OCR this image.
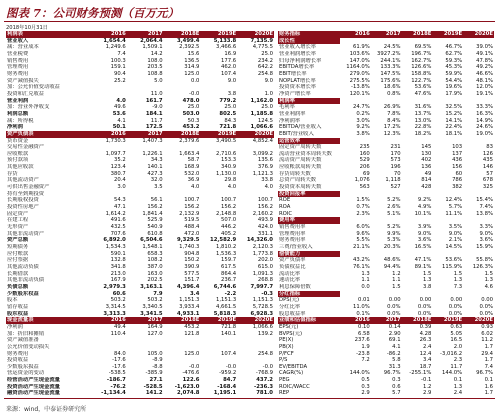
图表 7：公司财务预测（百万元）
2018年10月31日
利润表	2016	2017	2018E	2019E	2020E
营业收入	1,654.4	2,064.4	3,499.4	5,133.8	7,135.9
减：营业成本	1,249.6	1,509.1	2,392.5	3,466.6	4,775.5
营业税费	7.4	14.2	15.6	16.9	25.0
销售费用	100.3	108.0	136.5	177.6	234.2
管理费用	159.1	203.5	314.9	462.0	642.2
财务费用	90.4	108.8	125.0	107.4	254.8
资产减值损失	25.2	5.0	0.0	9.0	9.0
加：公允价值变动收益					
投资和汇兑收益		11.0	-0.0	3.8	1.0
营业利润	4.0	161.7	478.0	779.2	1,162.0
加：营业外净收支	49.6	-9.0	25.0	25.0	25.0
利润总额	53.6	184.1	503.0	802.5	1,185.8
减：所得税	4.1	11.7	50.3	84.3	124.5
净利润	50.1	172.5	453.2	721.8	1,066.6
资产负债表	2016	2017	2018E	2019E	2020E
货币资金	1,730.3	1,407.3	2,379.6	3,490.5	4,852.4
交易性金融资产					
应收账款	1,097.7	1,226.1	1,663.4	2,710.6	3,099.2
预付款项	35.2	34.3	58.7	153.3	135.6
其他应收款	123.4	140.1	168.9	340.9	376.9
存货	380.7	427.3	532.0	1,130.0	1,121.3
其他流动资产	20.4	32.0	36.9	29.8	33.8
可供出售金融资产	3.0	3.5	4.0	4.0	4.0
持有至到期投资					
长期股权投资	54.3	56.1	100.7	100.7	100.7
投资性房地产	47.1	156.2	156.2	156.2	156.2
固定资产	1,614.2	1,841.4	2,132.9	2,148.8	2,160.2
在建工程	491.6	525.9	519.5	507.0	493.9
无形资产	432.5	540.9	488.4	446.2	424.0
其他非流动资产	707.6	610.8	472.0	405.2	331.1
资产总额	6,892.0	6,504.6	9,329.5	12,582.9	14,326.0
短期债务	1,534.3	1,548.1	1,740.3	1,810.2	2,120.3
应付账款	590.1	658.3	904.8	1,536.3	1,773.8
应付票据	132.8	108.2	150.2	159.7	202.0
其他流动负债	341.8	387.0	390.9	617.5	615.0
长期借款	213.0	163.0	577.5	864.4	1,091.3
其他非流动负债	167.9	202.5	151.7	236.7	268.8
负债总额	2,979.3	3,163.1	4,396.4	6,744.6	7,997.7
少数股东权益	60.6	7.9	3.4	-2.2	-0.3
股本	503.2	503.2	1,151.3	1,151.3	1,151.3
留存收益	3,314.5	3,340.5	3,933.4	4,661.5	5,728.5
股东权益	3,313.3	3,341.5	4,933.1	5,818.3	6,928.3
现金流量表	2016	2017	2018E	2019E	2020E
净利润	49.4	164.9	453.2	721.8	1,066.6
加：折旧和摊销	110.4	127.0	121.8	140.1	139.2
资产减值准备					
公允价值变动损失					
财务费用	84.0	105.0	125.0	107.4	254.8
投资收益	-17.6	-8.9			
少数股东损益	-17.6	-8.8	-0.0	-0.0	-0.0
营运资金的变动	-538.5	-385.9	-476.6	-959.2	-768.9
经营活动产生现金流量	-186.7	27.1	122.6	84.7	437.2
投资活动产生现金流量	-76.2	-528.5	-1,623.0	-168.4	-236.3
融资活动产生现金流量	-1,134.4	141.2	2,074.8	1,195.1	781.0
财务指标	2016	2017	2018E	2019E	2020E
成长性					
营业收入增长率	61.9%	24.5%	69.5%	46.7%	39.0%
营业利润增长率	103.6%	3927.2%	196.7%	62.7%	49.1%
归母净利润增长率	147.0%	244.1%	162.7%	59.3%	47.8%
EBITDA增长率	1164.0%	133.3%	126.6%	45.3%	49.2%
EBIT增长率	279.0%	147.5%	158.8%	59.9%	46.6%
NOPLAT增长率	275.5%	175.6%	122.7%	54.4%	48.1%
投资资本增长率	-13.8%	18.6%	53.6%	19.6%	12.0%
净资产增长率	120.1%	0.8%	47.6%	17.9%	19.1%
利润率					
毛利率	24.7%	26.9%	31.6%	32.5%	33.3%
营业利润率	0.2%	7.8%	13.7%	15.2%	16.3%
净利润率	3.0%	8.4%	13.0%	14.1%	14.9%
EBITDA/营业收入	9.2%	17.2%	22.8%	22.4%	24.6%
EBIT/营业收入	3.8%	12.3%	18.2%	18.1%	19.0%
运营效率					
固定资产周转天数	235	231	145	103	83
流动营业资本周转天数	160	170	130	137	126
流动资产周转天数	529	573	402	436	435
应收帐款周转天数	206	196	136	156	146
存货周转天数	69	70	49	60	57
总资产周转天数	1,076	1,118	814	786	678
投资资本周转天数	563	527	428	382	325
投资回报率					
ROE	1.5%	5.2%	9.2%	12.4%	15.4%
ROA	0.7%	2.6%	4.9%	5.7%	7.4%
ROIC	2.3%	5.1%	10.1%	11.1%	13.8%
费用率					
销售费用率	6.0%	5.2%	3.9%	3.5%	3.3%
管理费用率	9.6%	9.9%	9.0%	9.0%	9.0%
财务费用率	5.5%	5.3%	3.6%	2.1%	3.6%
三费/营业收入	21.1%	20.3%	16.5%	14.5%	15.9%
偿债能力					
资产负债率	43.2%	48.6%	47.1%	53.6%	55.8%
负债权益比	76.1%	94.4%	89.1%	115.9%	126.3%
流动比率	1.3	1.2	1.5	1.5	1.5
速动比率	1.1	1.1	1.3	1.3	1.3
利息保障倍数	0.0	1.5	3.8	7.3	4.6
分红指标					
DPS(元)	0.01	0.00	0.00	0.00	0.00
分红比率	11.0%	0.0%	0.0%	0.0%	0.0%
股息收益率	0.1%	0.0%	0.0%	0.0%	0.0%
业绩和估值指标	2016	2017	2018E	2019E	2020E
EPS(元)	0.10	0.14	0.39	0.63	0.93
BVPS(元)	6.58	2.90	4.28	5.05	6.02
PE(X)	237.6	69.1	26.3	16.5	11.2
PB(X)	1.9	4.1	2.4	2.0	1.7
P/FCF	-23.8	-86.2	12.4	-3,016.2	29.4
P/S	7.2	5.8	3.4	2.3	1.7
EV/EBITDA		31.3	18.7	11.7	7.4
CAGR(%)	144.0%	96.7%	-255.1%	144.0%	96.7%
PEG	0.5	0.3	-0.1	0.1	0.1
ROIC/WACC	0.3	0.6	1.2	1.3	1.6
REP	2.9	5.7	2.9	2.4	1.7
来源：wind，中泰证券研究所
